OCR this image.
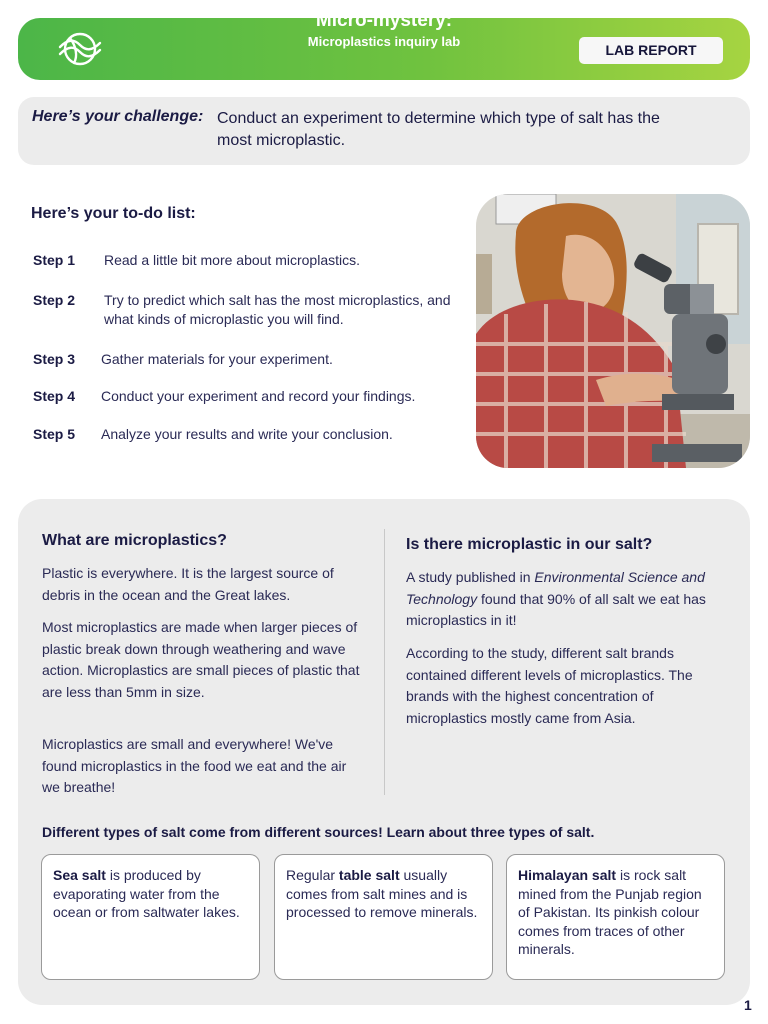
LAB REPORT
Micro-mystery:
Microplastics inquiry lab
Here’s your challenge: Conduct an experiment to determine which type of salt has the most microplastic.
Here’s your to-do list:
Step 1 Read a little bit more about microplastics.
Step 2 Try to predict which salt has the most microplastics, and what kinds of microplastic you will find.
Step 3 Gather materials for your experiment.
Step 4 Conduct your experiment and record your findings.
Step 5 Analyze your results and write your conclusion.
What are microplastics?
Plastic is everywhere. It is the largest source of debris in the ocean and the Great lakes.
Most microplastics are made when larger pieces of plastic break down through weathering and wave action. Microplastics are small pieces of plastic that are less than 5mm in size.
Microplastics are small and everywhere! We've found microplastics in the food we eat and the air we breathe!
Is there microplastic in our salt?
A study published in Environmental Science and Technology found that 90% of all salt we eat has microplastics in it!
According to the study, different salt brands contained different levels of microplastics. The brands with the highest concentration of microplastics mostly came from Asia.
Different types of salt come from different sources! Learn about three types of salt.
Sea salt is produced by evaporating water from the ocean or from saltwater lakes.
Regular table salt usually comes from salt mines and is processed to remove minerals.
Himalayan salt is rock salt mined from the Punjab region of Pakistan. Its pinkish colour comes from traces of other minerals.
1
